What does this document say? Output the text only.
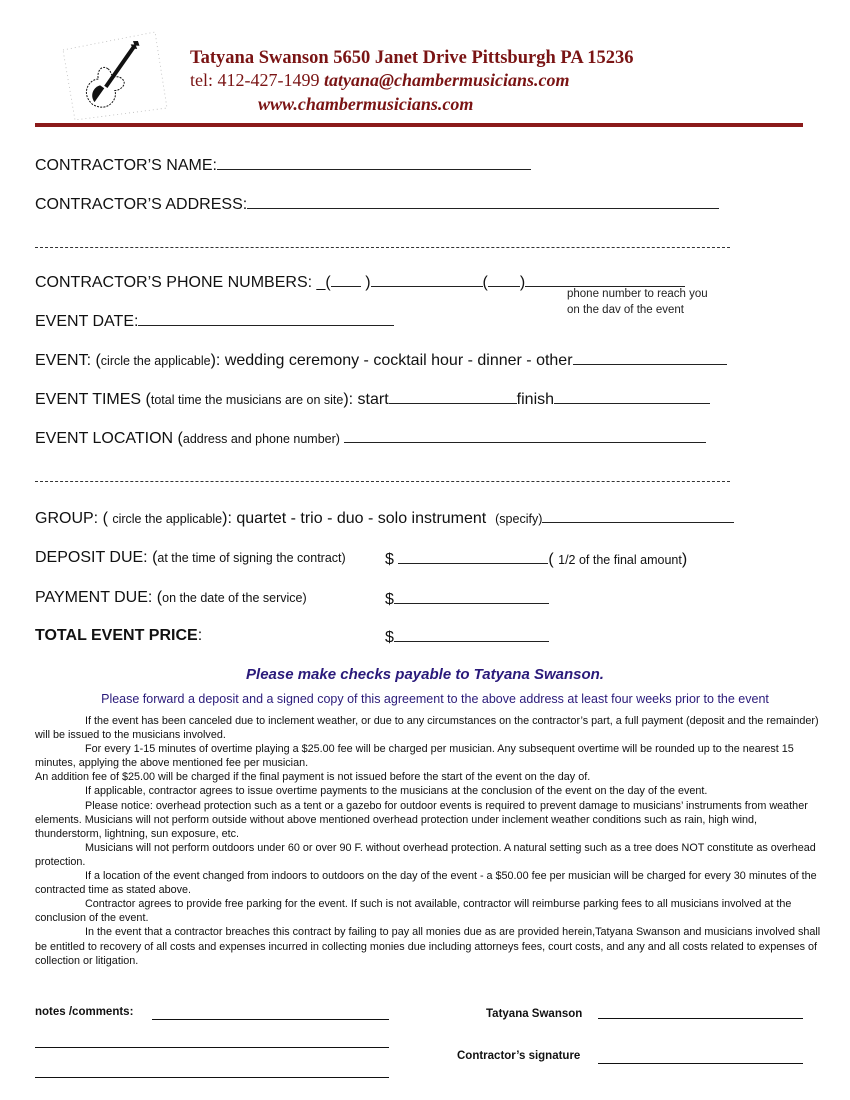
Tatyana Swanson 5650 Janet Drive Pittsburgh PA 15236
tel: 412-427-1499 tatyana@chambermusicians.com
www.chambermusicians.com
CONTRACTOR’S NAME:
CONTRACTOR’S ADDRESS:
CONTRACTOR’S PHONE NUMBERS: _( )	( )
phone number to reach you
on the dav of the event
EVENT DATE:
EVENT: (circle the applicable): wedding ceremony - cocktail hour - dinner - other
EVENT TIMES (total time the musicians are on site): start	finish
EVENT LOCATION (address and phone number)
GROUP: ( circle the applicable): quartet - trio - duo - solo instrument (specify)
DEPOSIT DUE: (at the time of signing the contract) $	( 1/2 of the final amount)
PAYMENT DUE: (on the date of the service)	$
TOTAL EVENT PRICE:	$
Please make checks payable to Tatyana Swanson.
Please forward a deposit and a signed copy of this agreement to the above address at least four weeks prior to the event

If the event has been canceled due to inclement weather, or due to any circumstances on the contractor’s part, a full payment (deposit and the remainder) will be issued to the musicians involved.

For every 1-15 minutes of overtime playing a $25.00 fee will be charged per musician. Any subsequent overtime will be rounded up to the nearest 15 minutes, applying the above mentioned fee per musician.

An addition fee of $25.00 will be charged if the final payment is not issued before the start of the event on the day of.

If applicable, contractor agrees to issue overtime payments to the musicians at the conclusion of the event on the day of the event.

Please notice: overhead protection such as a tent or a gazebo for outdoor events is required to prevent damage to musicians’ instruments from weather elements. Musicians will not perform outside without above mentioned overhead protection under inclement weather conditions such as rain, high wind, thunderstorm, lightning, sun exposure, etc.

Musicians will not perform outdoors under 60 or over 90 F. without overhead protection. A natural setting such as a tree does NOT constitute as overhead protection.

If a location of the event changed from indoors to outdoors on the day of the event - a $50.00 fee per musician will be charged for every 30 minutes of the contracted time as stated above.

Contractor agrees to provide free parking for the event. If such is not available, contractor will reimburse parking fees to all musicians involved at the conclusion of the event.

In the event that a contractor breaches this contract by failing to pay all monies due as are provided herein,Tatyana Swanson and musicians involved shall be entitled to recovery of all costs and expenses incurred in collecting monies due including attorneys fees, court costs, and any and all costs related to expenses of collection or litigation.

notes /comments:	Tatyana Swanson
Contractor’s signature
